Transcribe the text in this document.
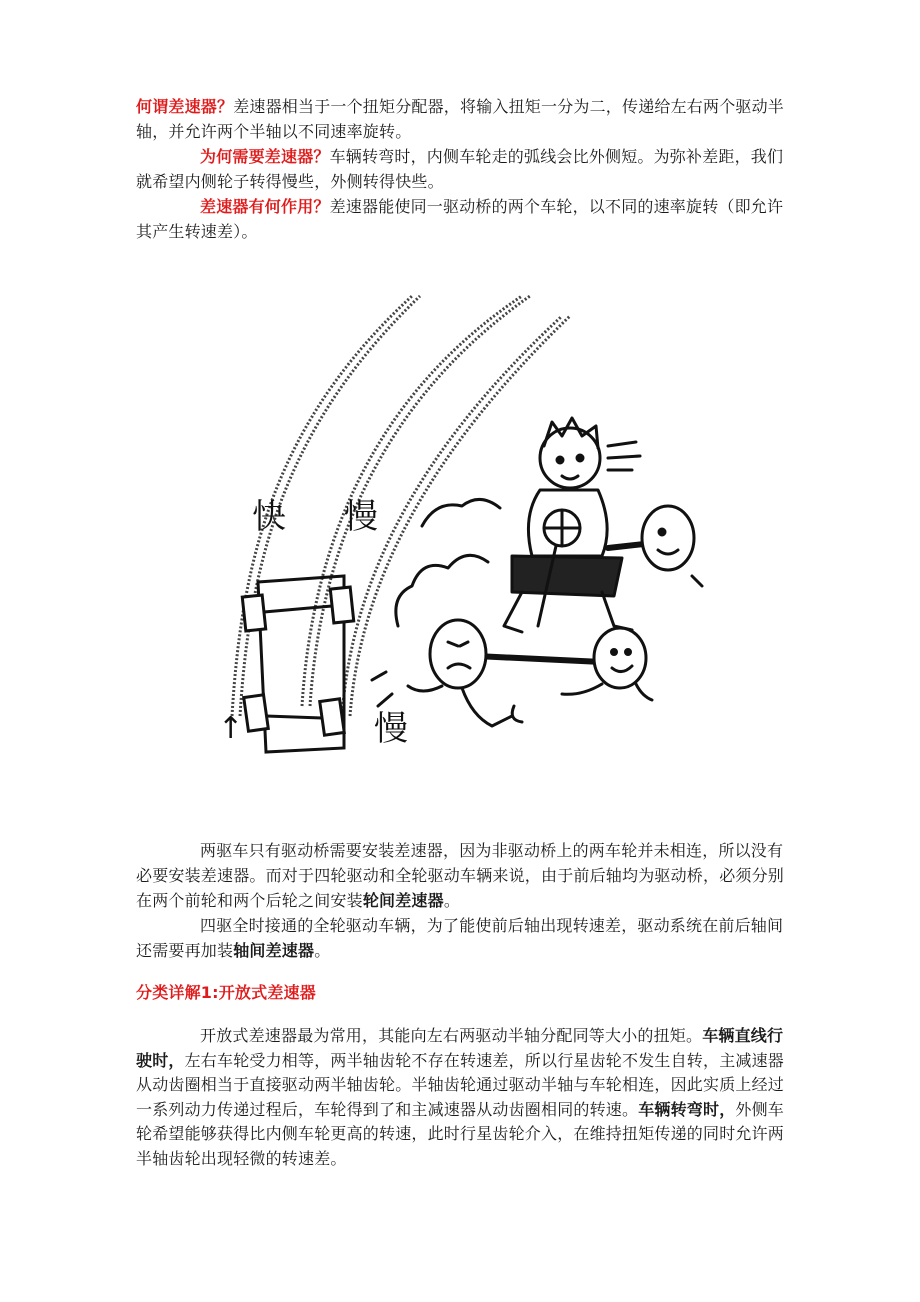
何谓差速器？差速器相当于一个扭矩分配器，将输入扭矩一分为二，传递给左右两个驱动半轴，并允许两个半轴以不同速率旋转。

为何需要差速器？车辆转弯时，内侧车轮走的弧线会比外侧短。为弥补差距，我们就希望内侧轮子转得慢些，外侧转得快些。

差速器有何作用？差速器能使同一驱动桥的两个车轮，以不同的速率旋转（即允许其产生转速差）。

快 慢
慢
↑

两驱车只有驱动桥需要安装差速器，因为非驱动桥上的两车轮并未相连，所以没有必要安装差速器。而对于四轮驱动和全轮驱动车辆来说，由于前后轴均为驱动桥，必须分别在两个前轮和两个后轮之间安装轮间差速器。

四驱全时接通的全轮驱动车辆，为了能使前后轴出现转速差，驱动系统在前后轴间还需要再加装轴间差速器。

分类详解1:开放式差速器

开放式差速器最为常用，其能向左右两驱动半轴分配同等大小的扭矩。车辆直线行驶时，左右车轮受力相等，两半轴齿轮不存在转速差，所以行星齿轮不发生自转，主减速器从动齿圈相当于直接驱动两半轴齿轮。半轴齿轮通过驱动半轴与车轮相连，因此实质上经过一系列动力传递过程后，车轮得到了和主减速器从动齿圈相同的转速。车辆转弯时，外侧车轮希望能够获得比内侧车轮更高的转速，此时行星齿轮介入，在维持扭矩传递的同时允许两半轴齿轮出现轻微的转速差。
